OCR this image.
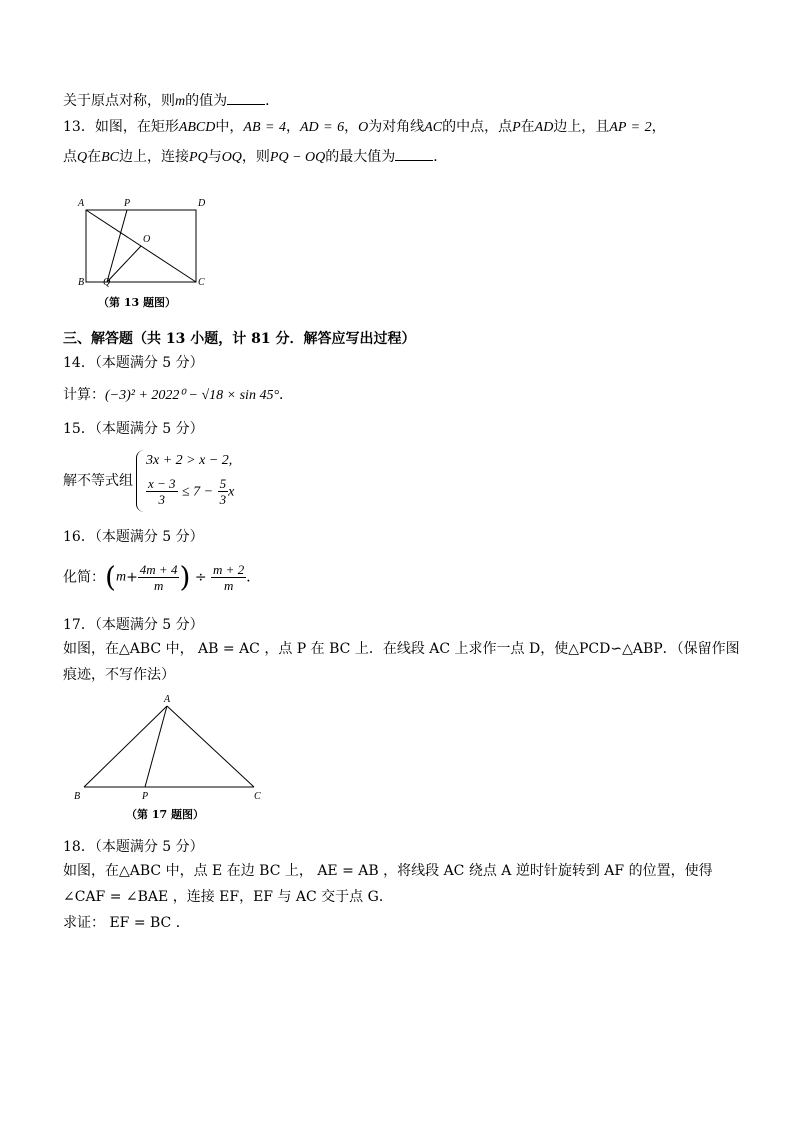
关于原点对称，则m的值为	．
13．如图，在矩形ABCD中，AB = 4，AD = 6，O为对角线AC的中点，点P在AD边上，且AP = 2，
点Q在BC边上，连接PQ与OQ，则PQ − OQ的最大值为	．
A	P	D
O
B Q	C
（第 13 题图）
三、解答题（共 13 小题，计 81 分．解答应写出过程）
14．（本题满分 5 分）
计算：(−3)² + 2022⁰ − √18 × sin 45°．
15．（本题满分 5 分）
解不等式组
3x + 2 > x − 2,
$\frac{x - 3}{3} \le 7 - \frac{5}{3}$ x
16．（本题满分 5 分）
化简：($m+ \frac{4m + 4}{m}$ ) ÷ $\frac{m + 2}{m}$ ．
17．（本题满分 5 分）
如图，在△ABC 中， AB = AC ，点 P 在 BC 上．在线段 AC 上求作一点 D，使△PCD∽△ABP．（保留作图
痕迹，不写作法）
A
B	P	C
（第 17 题图）
18．（本题满分 5 分）
如图，在△ABC 中，点 E 在边 BC 上， AE = AB ，将线段 AC 绕点 A 逆时针旋转到 AF 的位置，使得
∠CAF = ∠BAE ，连接 EF，EF 与 AC 交于点 G．
求证： EF = BC ．
